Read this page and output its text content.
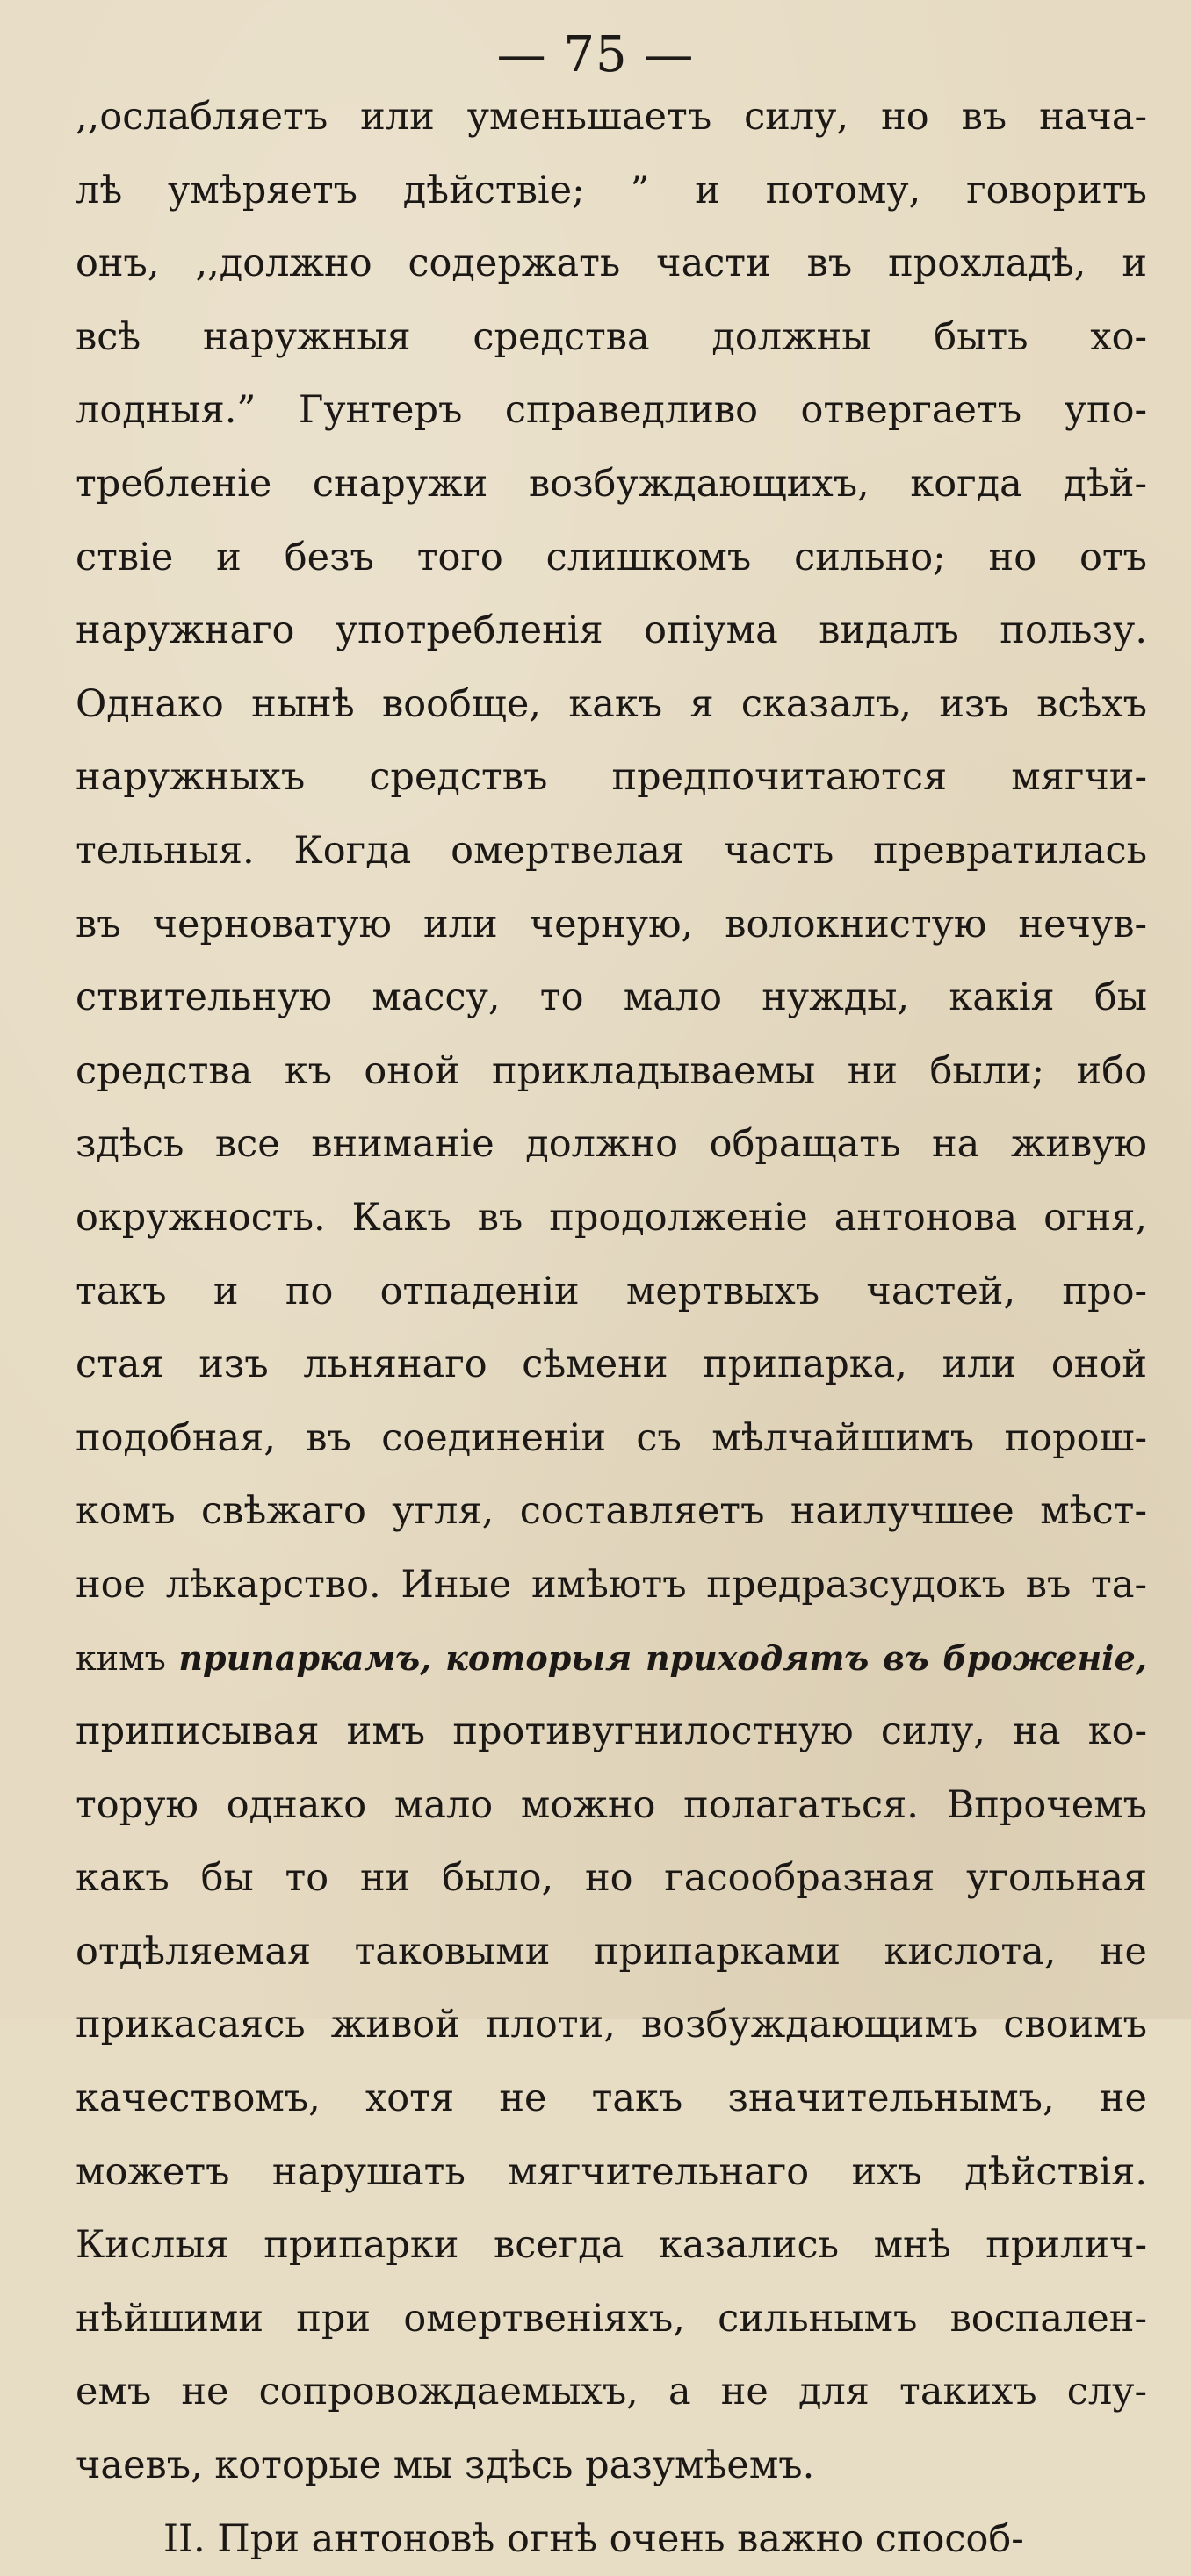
— 75 —
,,ослабляетъ или уменьшаетъ силу, но въ нача-
лѣ умѣряетъ дѣйствіе; ” и потому, говоритъ
онъ, ,,должно содержать части въ прохладѣ, и
всѣ наружныя средства должны быть хо-
лодныя.” Гунтеръ справедливо отвергаетъ упо-
требленіе снаружи возбуждающихъ, когда дѣй-
ствіе и безъ того слишкомъ сильно; но отъ
наружнаго употребленія опіума видалъ пользу.
Однако нынѣ вообще, какъ я сказалъ, изъ всѣхъ
наружныхъ средствъ предпочитаются мягчи-
тельныя. Когда омертвелая часть превратилась
въ черноватую или черную, волокнистую нечув-
ствительную массу, то мало нужды, какія бы
средства къ оной прикладываемы ни были; ибо
здѣсь все вниманіе должно обращать на живую
окружность. Какъ въ продолженіе антонова огня,
такъ и по отпаденіи мертвыхъ частей, про-
стая изъ льнянаго сѣмени припарка, или оной
подобная, въ соединеніи съ мѣлчайшимъ порош-
комъ свѣжаго угля, составляетъ наилучшее мѣст-
ное лѣкарство. Иные имѣютъ предразсудокъ въ та-
кимъ припаркамъ, которыя приходятъ въ броженіе,
приписывая имъ противугнилостную силу, на ко-
торую однако мало можно полагаться. Впрочемъ
какъ бы то ни было, но гасообразная угольная
отдѣляемая таковыми припарками кислота, не
прикасаясь живой плоти, возбуждающимъ своимъ
качествомъ, хотя не такъ значительнымъ, не
можетъ нарушать мягчительнаго ихъ дѣйствія.
Кислыя припарки всегда казались мнѣ прилич-
нѣйшими при омертвеніяхъ, сильнымъ воспален-
емъ не сопровождаемыхъ, а не для такихъ слу-
чаевъ, которые мы здѣсь разумѣемъ.
II. При антоновѣ огнѣ очень важно способ-
